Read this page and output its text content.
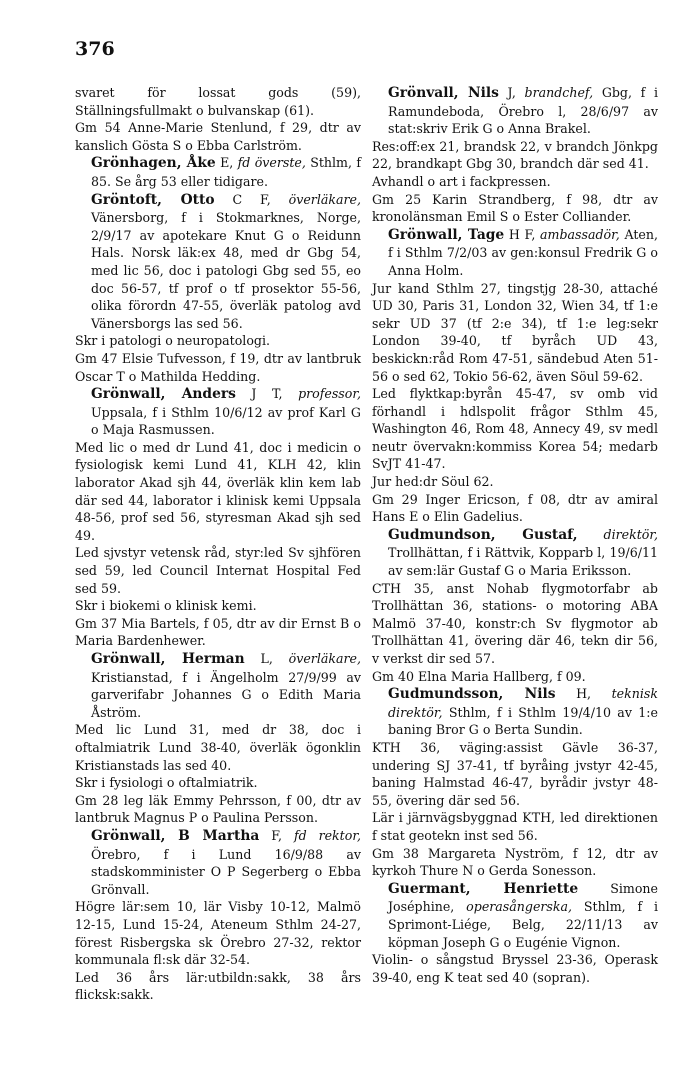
376

svaret för lossat gods (59), Ställningsfullmakt o bulvanskap (61).

Gm 54 Anne-Marie Stenlund, f 29, dtr av kanslich Gösta S o Ebba Carlström.

Grönhagen, Åke E, fd överste, Sthlm, f 85. Se årg 53 eller tidigare.

Gröntoft, Otto C F, överläkare, Vänersborg, f i Stokmarknes, Norge, 2/9/17 av apotekare Knut G o Reidunn Hals. Norsk läk:ex 48, med dr Gbg 54, med lic 56, doc i patologi Gbg sed 55, eo doc 56-57, tf prof o tf prosektor 55-56, olika förordn 47-55, överläk patolog avd Vänersborgs las sed 56.

Skr i patologi o neuropatologi.

Gm 47 Elsie Tufvesson, f 19, dtr av lantbruk Oscar T o Mathilda Hedding.

Grönwall, Anders J T, professor, Uppsala, f i Sthlm 10/6/12 av prof Karl G o Maja Rasmussen.

Med lic o med dr Lund 41, doc i medicin o fysiologisk kemi Lund 41, KLH 42, klin laborator Akad sjh 44, överläk klin kem lab där sed 44, laborator i klinisk kemi Uppsala 48-56, prof sed 56, styresman Akad sjh sed 49.

Led sjvstyr vetensk råd, styr:led Sv sjhfören sed 59, led Council Internat Hospital Fed sed 59.

Skr i biokemi o klinisk kemi.

Gm 37 Mia Bartels, f 05, dtr av dir Ernst B o Maria Bardenhewer.

Grönwall, Herman L, överläkare, Kristianstad, f i Ängelholm 27/9/99 av garverifabr Johannes G o Edith Maria Åström.

Med lic Lund 31, med dr 38, doc i oftalmiatrik Lund 38-40, överläk ögonklin Kristianstads las sed 40.

Skr i fysiologi o oftalmiatrik.

Gm 28 leg läk Emmy Pehrsson, f 00, dtr av lantbruk Magnus P o Paulina Persson.

Grönwall, B Martha F, fd rektor, Örebro, f i Lund 16/9/88 av stadskomminister O P Segerberg o Ebba Grönvall.

Högre lär:sem 10, lär Visby 10-12, Malmö 12-15, Lund 15-24, Ateneum Sthlm 24-27, förest Risbergska sk Örebro 27-32, rektor kommunala fl:sk där 32-54.

Led 36 års lär:utbildn:sakk, 38 års flicksk:sakk.

Grönvall, Nils J, brandchef, Gbg, f i Ramundeboda, Örebro l, 28/6/97 av stat:skriv Erik G o Anna Brakel.

Res:off:ex 21, brandsk 22, v brandch Jönkpg 22, brandkapt Gbg 30, brandch där sed 41.

Avhandl o art i fackpressen.

Gm 25 Karin Strandberg, f 98, dtr av kronolänsman Emil S o Ester Colliander.

Grönwall, Tage H F, ambassadör, Aten, f i Sthlm 7/2/03 av gen:konsul Fredrik G o Anna Holm.

Jur kand Sthlm 27, tingstjg 28-30, attaché UD 30, Paris 31, London 32, Wien 34, tf 1:e sekr UD 37 (tf 2:e 34), tf 1:e leg:sekr London 39-40, tf byråch UD 43, beskickn:råd Rom 47-51, sändebud Aten 51-56 o sed 62, Tokio 56-62, även Söul 59-62.

Led flyktkap:byrån 45-47, sv omb vid förhandl i hdlspolit frågor Sthlm 45, Washington 46, Rom 48, Annecy 49, sv medl neutr övervakn:kommiss Korea 54; medarb SvJT 41-47.

Jur hed:dr Söul 62.

Gm 29 Inger Ericson, f 08, dtr av amiral Hans E o Elin Gadelius.

Gudmundson, Gustaf, direktör, Trollhättan, f i Rättvik, Kopparb l, 19/6/11 av sem:lär Gustaf G o Maria Eriksson.

CTH 35, anst Nohab flygmotorfabr ab Trollhättan 36, stations- o motoring ABA Malmö 37-40, konstr:ch Sv flygmotor ab Trollhättan 41, övering där 46, tekn dir 56, v verkst dir sed 57.

Gm 40 Elna Maria Hallberg, f 09.

Gudmundsson, Nils H, teknisk direktör, Sthlm, f i Sthlm 19/4/10 av 1:e baning Bror G o Berta Sundin.

KTH 36, väging:assist Gävle 36-37, undering SJ 37-41, tf byråing jvstyr 42-45, baning Halmstad 46-47, byrådir jvstyr 48-55, övering där sed 56.

Lär i järnvägsbyggnad KTH, led direktionen f stat geotekn inst sed 56.

Gm 38 Margareta Nyström, f 12, dtr av kyrkoh Thure N o Gerda Sonesson.

Guermant, Henriette	Simone Joséphine, operasångerska, Sthlm, f i Sprimont-Liége, Belg, 22/11/13 av köpman Joseph G o Eugénie Vignon.

Violin- o sångstud Bryssel 23-36, Operask 39-40, eng K teat sed 40 (sopran).
